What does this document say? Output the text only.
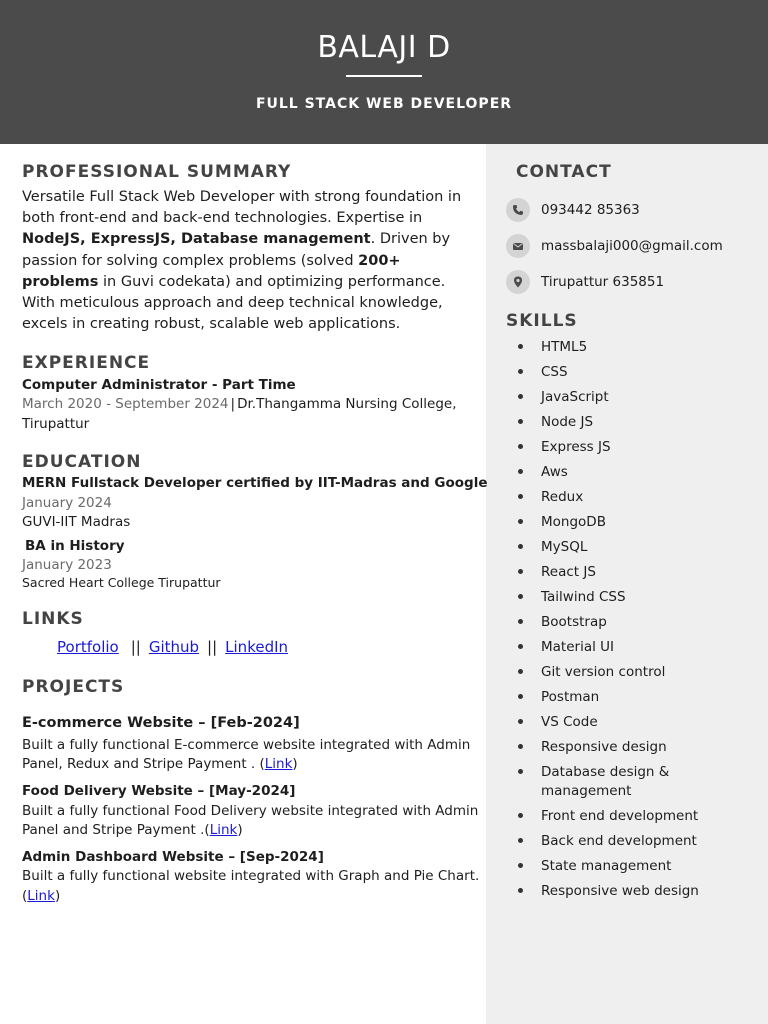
BALAJI D
FULL STACK WEB DEVELOPER
PROFESSIONAL SUMMARY
Versatile Full Stack Web Developer with strong foundation in both front-end and back-end technologies. Expertise in NodeJS, ExpressJS, Database management. Driven by passion for solving complex problems (solved 200+ problems in Guvi codekata) and optimizing performance. With meticulous approach and deep technical knowledge, excels in creating robust, scalable web applications.
EXPERIENCE
Computer Administrator - Part Time
March 2020 - September 2024 | Dr.Thangamma Nursing College,
Tirupattur
EDUCATION
MERN Fullstack Developer certified by IIT-Madras and Google
January 2024
GUVI-IIT Madras
BA in History
January 2023
Sacred Heart College Tirupattur
LINKS
Portfolio || Github || LinkedIn
PROJECTS
E-commerce Website – [Feb-2024]
Built a fully functional E-commerce website integrated with Admin
Panel, Redux and Stripe Payment . (Link)
Food Delivery Website – [May-2024]
Built a fully functional Food Delivery website integrated with Admin
Panel and Stripe Payment .(Link)
Admin Dashboard Website – [Sep-2024]
Built a fully functional website integrated with Graph and Pie Chart.
(Link)
CONTACT
093442 85363
massbalaji000@gmail.com
Tirupattur 635851
SKILLS
HTML5
CSS
JavaScript
Node JS
Express JS
Aws
Redux
MongoDB
MySQL
React JS
Tailwind CSS
Bootstrap
Material UI
Git version control
Postman
VS Code
Responsive design
Database design & management
Front end development
Back end development
State management
Responsive web design
